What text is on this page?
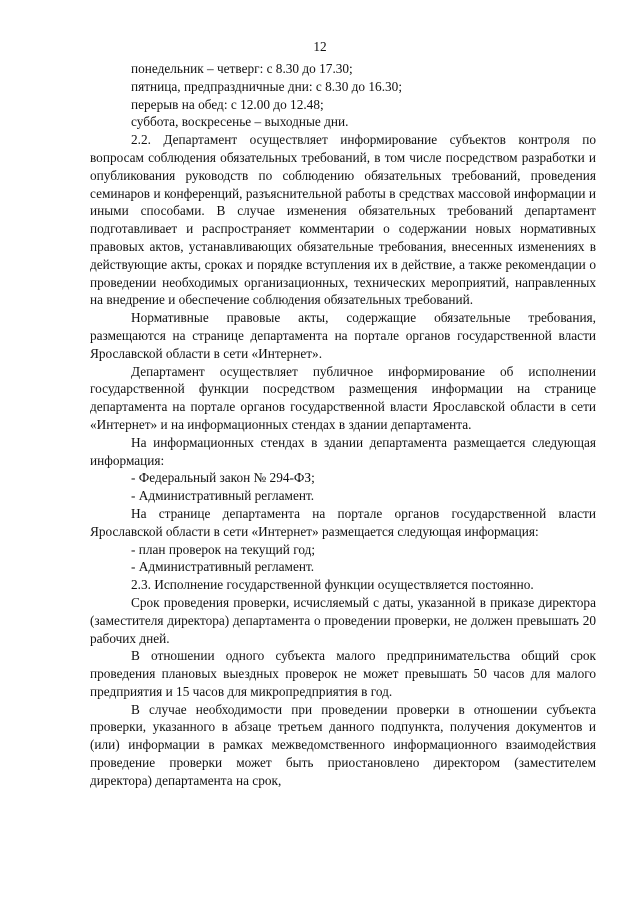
12

понедельник – четверг: с 8.30 до 17.30;

пятница, предпраздничные дни: с 8.30 до 16.30;

перерыв на обед: с 12.00 до 12.48;

суббота, воскресенье – выходные дни.

2.2. Департамент осуществляет информирование субъектов контроля по вопросам соблюдения обязательных требований, в том числе посредством разработки и опубликования руководств по соблюдению обязательных требований, проведения семинаров и конференций, разъяснительной работы в средствах массовой информации и иными способами. В случае изменения обязательных требований департамент подготавливает и распространяет комментарии о содержании новых нормативных правовых актов, устанавливающих обязательные требования, внесенных изменениях в действующие акты, сроках и порядке вступления их в действие, а также рекомендации о проведении необходимых организационных, технических мероприятий, направленных на внедрение и обеспечение соблюдения обязательных требований.

Нормативные правовые акты, содержащие обязательные требования, размещаются на странице департамента на портале органов государственной власти Ярославской области в сети «Интернет».

Департамент осуществляет публичное информирование об исполнении государственной функции посредством размещения информации на странице департамента на портале органов государственной власти Ярославской области в сети «Интернет» и на информационных стендах в здании департамента.

На информационных стендах в здании департамента размещается следующая информация:

- Федеральный закон № 294-ФЗ;

- Административный регламент.

На странице департамента на портале органов государственной власти Ярославской области в сети «Интернет» размещается следующая информация:

- план проверок на текущий год;

- Административный регламент.

2.3. Исполнение государственной функции осуществляется постоянно.

Срок проведения проверки, исчисляемый с даты, указанной в приказе директора (заместителя директора) департамента о проведении проверки, не должен превышать 20 рабочих дней.

В отношении одного субъекта малого предпринимательства общий срок проведения плановых выездных проверок не может превышать 50 часов для малого предприятия и 15 часов для микропредприятия в год.

В случае необходимости при проведении проверки в отношении субъекта проверки, указанного в абзаце третьем данного подпункта, получения документов и (или) информации в рамках межведомственного информационного взаимодействия проведение проверки может быть приостановлено директором (заместителем директора) департамента на срок,
